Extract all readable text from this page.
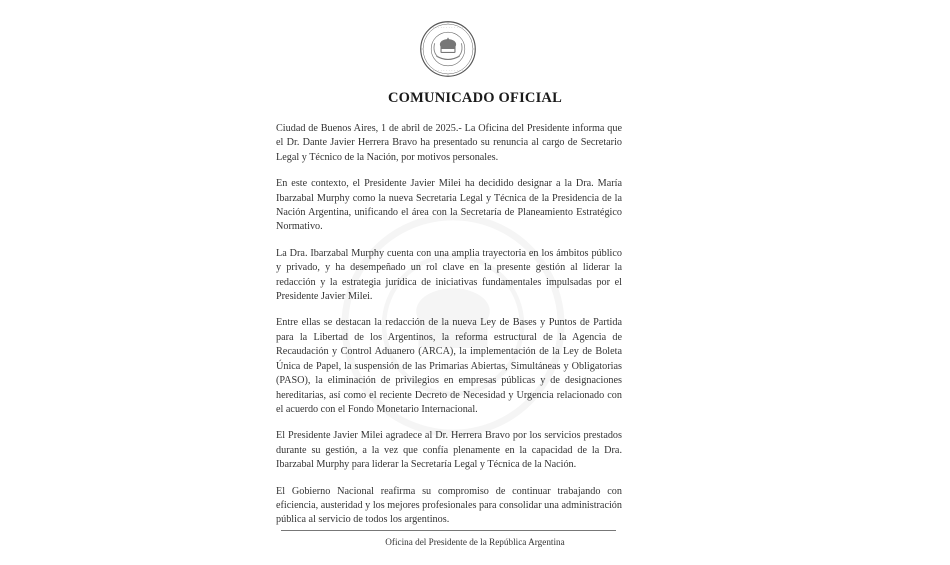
· · · · · · · · · · · ·
· · · · · · · · · · · ·
COMUNICADO OFICIAL

Ciudad de Buenos Aires, 1 de abril de 2025.- La Oficina del Presidente informa que el Dr. Dante Javier Herrera Bravo ha presentado su renuncia al cargo de Secretario Legal y Técnico de la Nación, por motivos personales.

En este contexto, el Presidente Javier Milei ha decidido designar a la Dra. María Ibarzabal Murphy como la nueva Secretaria Legal y Técnica de la Presidencia de la Nación Argentina, unificando el área con la Secretaría de Planeamiento Estratégico Normativo.

La Dra. Ibarzabal Murphy cuenta con una amplia trayectoria en los ámbitos público y privado, y ha desempeñado un rol clave en la presente gestión al liderar la redacción y la estrategia jurídica de iniciativas fundamentales impulsadas por el Presidente Javier Milei.

Entre ellas se destacan la redacción de la nueva Ley de Bases y Puntos de Partida para la Libertad de los Argentinos, la reforma estructural de la Agencia de Recaudación y Control Aduanero (ARCA), la implementación de la Ley de Boleta Única de Papel, la suspensión de las Primarias Abiertas, Simultáneas y Obligatorias (PASO), la eliminación de privilegios en empresas públicas y de designaciones hereditarias, así como el reciente Decreto de Necesidad y Urgencia relacionado con el acuerdo con el Fondo Monetario Internacional.

El Presidente Javier Milei agradece al Dr. Herrera Bravo por los servicios prestados durante su gestión, a la vez que confía plenamente en la capacidad de la Dra. Ibarzabal Murphy para liderar la Secretaría Legal y Técnica de la Nación.

El Gobierno Nacional reafirma su compromiso de continuar trabajando con eficiencia, austeridad y los mejores profesionales para consolidar una administración pública al servicio de todos los argentinos.

Oficina del Presidente de la República Argentina
